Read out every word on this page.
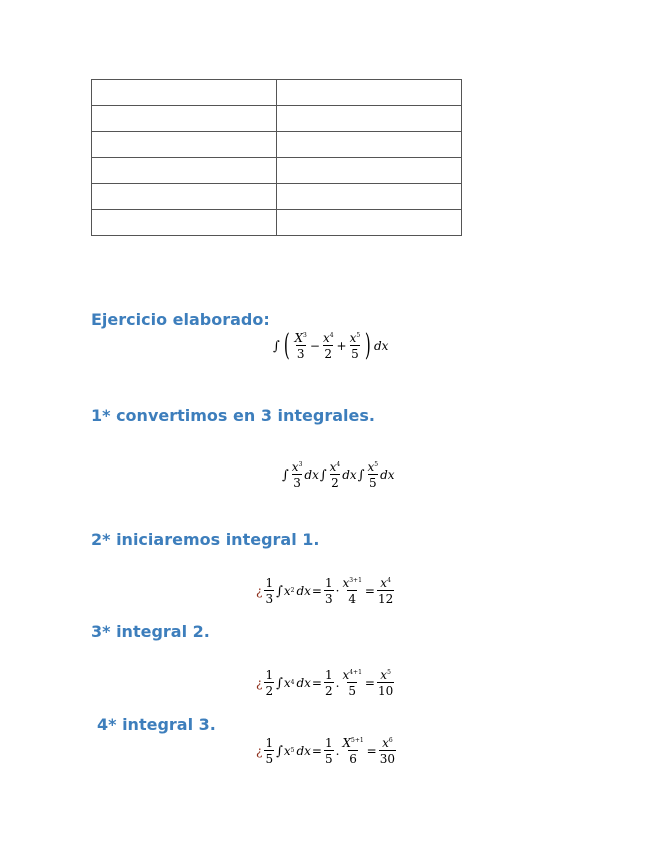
Ejercicio elaborado:

∫ ( $\frac{X^3}{3} - \frac{x^4}{2} + \frac{x^5}{5}$ ) dx

1* convertimos en 3 integrales.

∫ $\frac{x^3}{3}$ dx ∫ $\frac{x^4}{2}$ dx ∫ $\frac{x^5}{5}$ dx

2* iniciaremos integral 1.

¿ $\frac{1}{3}$ ∫ x 2 dx = $\frac{1}{3} \cdot \frac{x^{3+1}}{4} = \frac{x^4}{12}$

3* integral 2.

¿ $\frac{1}{2}$ ∫ x 4 dx = $\frac{1}{2}$ . $\frac{x^{4+1}}{5} = \frac{x^5}{10}$

4* integral 3.

¿ $\frac{1}{5}$ ∫ x 5 dx = $\frac{1}{5}$ . $\frac{X^{5+1}}{6} = \frac{x^6}{30}$
